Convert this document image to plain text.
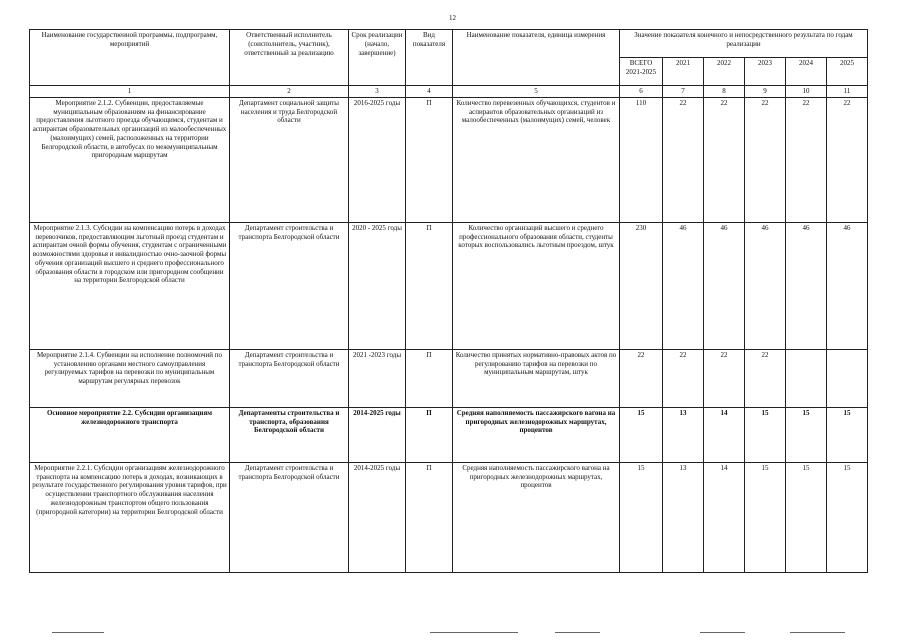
12
Наименование государственной программы, подпрограмм, мероприятий	Ответственный исполнитель (соисполнитель, участник), ответственный за реализацию	Срок реализации (начало, завершение)	Вид показателя	Наименование показателя, единица измерения	Значение показателя конечного и непосредственного результата по годам реализации					
					ВСЕГО 2021-2025	2021	2022	2023	2024	2025
1	2	3	4	5	6	7	8	9	10	11
Мероприятие 2.1.2. Субвенции, предоставляемые муниципальным образованиям на финансирование предоставления льготного проезда обучающимся, студентам и аспирантам образовательных организаций из малообеспеченных (малоимущих) семей, расположенных на территории Белгородской области, в автобусах по межмуниципальным пригородным маршрутам	Департамент социальной защиты населения и труда Белгородской области	2016-2025 годы	П	Количество перевезенных обучающихся, студентов и аспирантов образовательных организаций из малообеспеченных (малоимущих) семей, человек	110	22	22	22	22	22
Мероприятие 2.1.3. Субсидии на компенсацию потерь в доходах перевозчиков, предоставляющим льготный проезд студентам и аспирантам очной формы обучения, студентам с ограниченными возможностями здоровья и инвалидностью очно-заочной формы обучения организаций высшего и среднего профессионального образования области в городском или пригородном сообщении на территории Белгородской области	Департамент строительства и транспорта Белгородской области	2020 - 2025 годы	П	Количество организаций высшего и среднего профессионального образования области, студенты которых воспользовались льготным проездом, штук	230	46	46	46	46	46
Мероприятие 2.1.4. Субвенции на исполнение полномочий по установлению органами местного самоуправления регулируемых тарифов на перевозки по муниципальным маршрутам регулярных перевозок	Департамент строительства и транспорта Белгородской области	2021 -2023 годы	П	Количество принятых нормативно-правовых актов по регулированию тарифов на перевозки по муниципальным маршрутам, штук	22	22	22	22		
Основное мероприятие 2.2. Субсидии организациям железнодорожного транспорта	Департаменты строительства и транспорта, образования Белгородской области	2014-2025 годы	П	Средняя наполняемость пассажирского вагона на пригородных железнодорожных маршрутах, процентов	15	13	14	15	15	15
Мероприятие 2.2.1. Субсидии организациям железнодорожного транспорта на компенсацию потерь в доходах, возникающих в результате государственного регулирования уровня тарифов, при осуществлении транспортного обслуживания населения железнодорожным транспортом общего пользования (пригородной категории) на территории Белгородской области	Департамент строительства и транспорта Белгородской области	2014-2025 годы	П	Средняя наполняемость пассажирского вагона на пригородных железнодорожных маршрутах, процентов	15	13	14	15	15	15
